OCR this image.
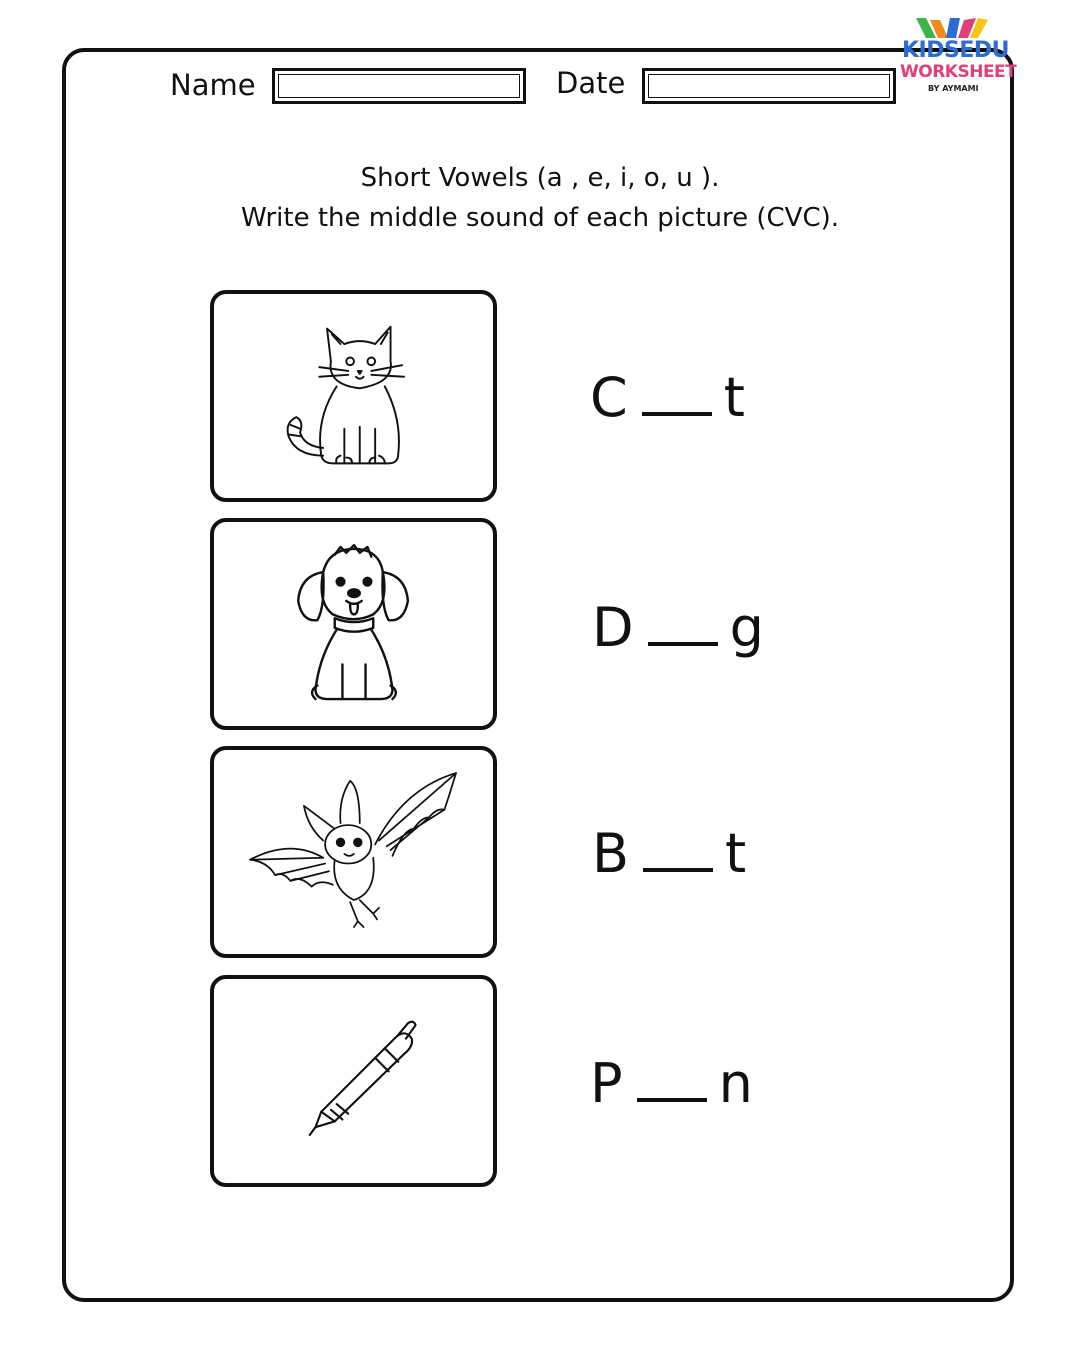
Name	Date
KIDSEDU
WORKSHEET
BY AYMAMI
Short Vowels (a , e, i, o, u ).
Write the middle sound of each picture (CVC).
C t
D g
B t
P n
